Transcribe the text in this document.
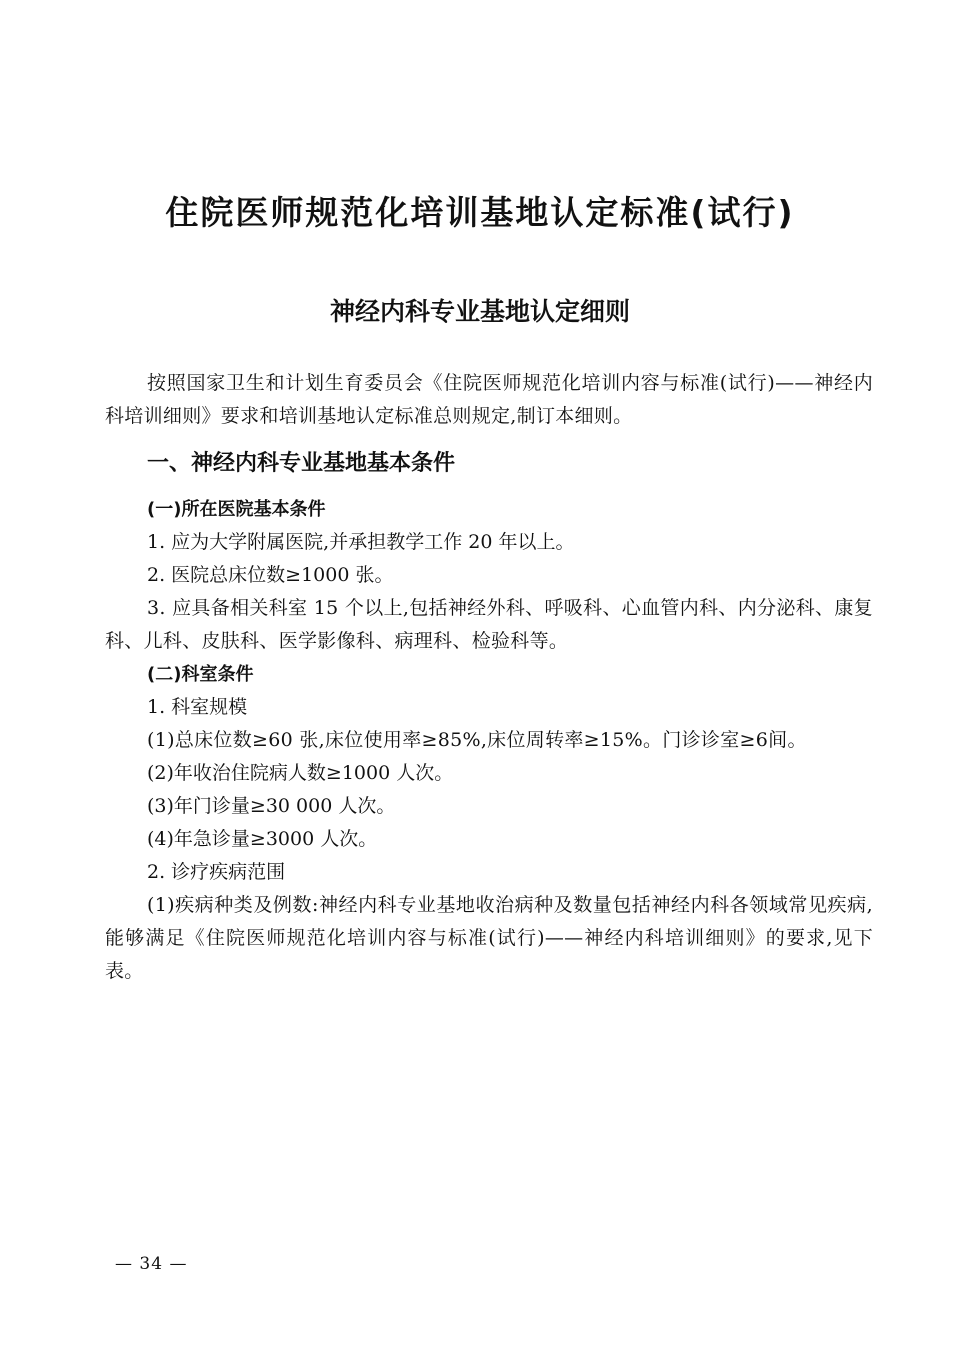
住院医师规范化培训基地认定标准(试行)
神经内科专业基地认定细则

按照国家卫生和计划生育委员会《住院医师规范化培训内容与标准(试行)——神经内科培训细则》要求和培训基地认定标准总则规定,制订本细则。

一、神经内科专业基地基本条件
(一)所在医院基本条件

1. 应为大学附属医院,并承担教学工作 20 年以上。

2. 医院总床位数≥1000 张。

3. 应具备相关科室 15 个以上,包括神经外科、呼吸科、心血管内科、内分泌科、康复科、儿科、皮肤科、医学影像科、病理科、检验科等。

(二)科室条件

1. 科室规模

(1)总床位数≥60 张,床位使用率≥85%,床位周转率≥15%。门诊诊室≥6间。

(2)年收治住院病人数≥1000 人次。

(3)年门诊量≥30 000 人次。

(4)年急诊量≥3000 人次。

2. 诊疗疾病范围

(1)疾病种类及例数:神经内科专业基地收治病种及数量包括神经内科各领域常见疾病,能够满足《住院医师规范化培训内容与标准(试行)——神经内科培训细则》的要求,见下表。

— 34 —
